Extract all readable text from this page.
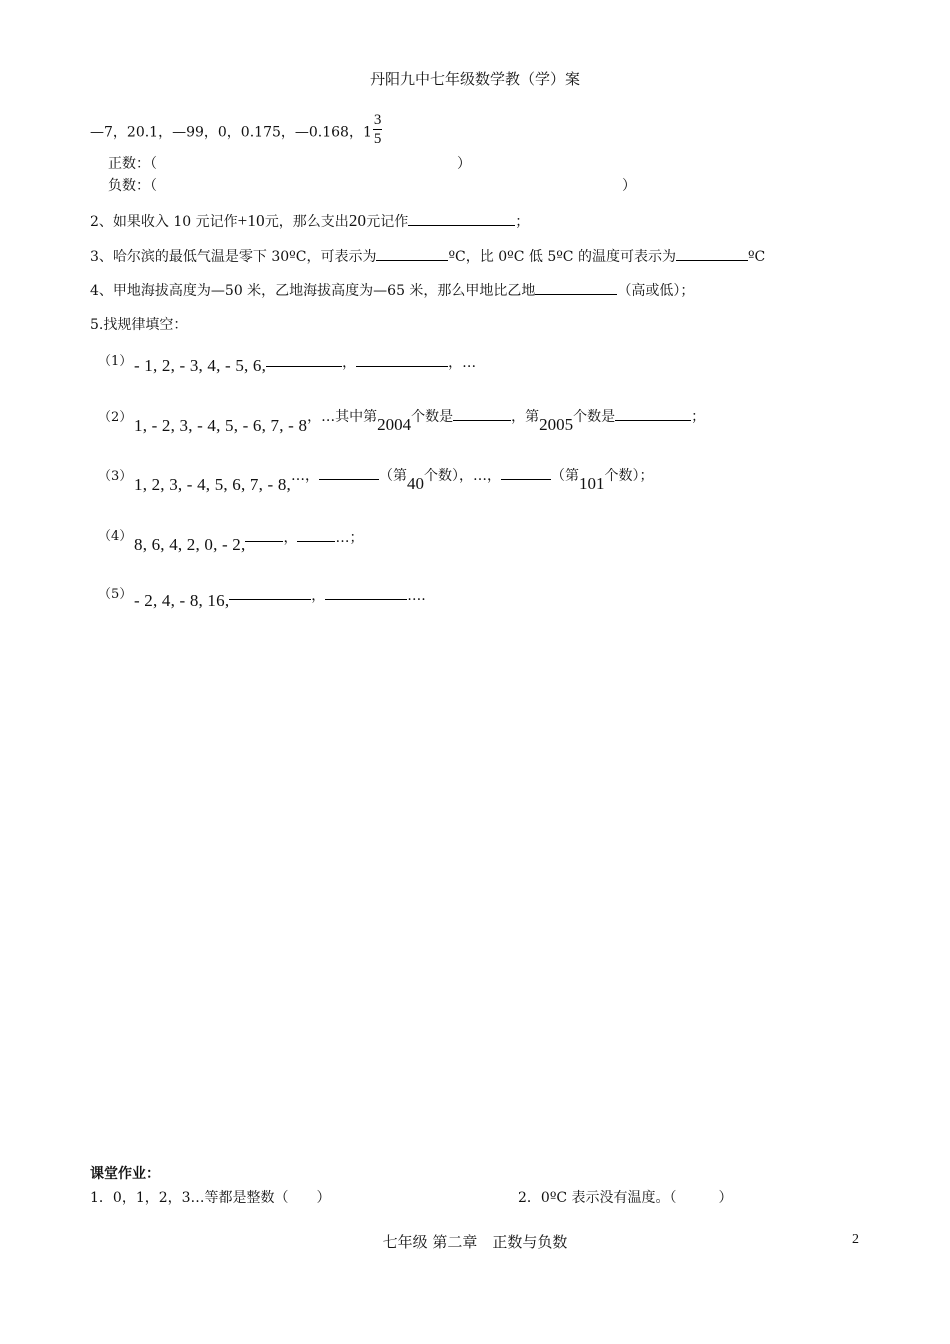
丹阳九中七年级数学教（学）案
—7，20.1，—99，0，0.175，—0.168，$1 \frac{3}{5}$
正数：（	）
负数：（	）
2、如果收入 10 元记作+10元，那么支出20元记作	；
3、哈尔滨的最低气温是零下 30ºC，可表示为	ºC，比 0ºC 低 5ºC 的温度可表示为	ºC
4、甲地海拔高度为—50 米，乙地海拔高度为—65 米，那么甲地比乙地	（高或低）；
5.找规律填空：
（1） - 1, 2, - 3, 4, - 5, 6,	，	，…
（2） 1, - 2, 3, - 4, 5, - 6, 7, - 8，…其中第2004个数是	，第2005个数是	；
（3） 1, 2, 3, - 4, 5, 6, 7, - 8,…，	（第40个数），…，	（第101个数）；
（4） 8, 6, 4, 2, 0, - 2,	，	…；
（5） - 2, 4, - 8, 16,	，	….
课堂作业：
1．0，1，2，3…等都是整数（　　）	2．0ºC 表示没有温度。（　　　）
七年级 第二章　正数与负数	2
